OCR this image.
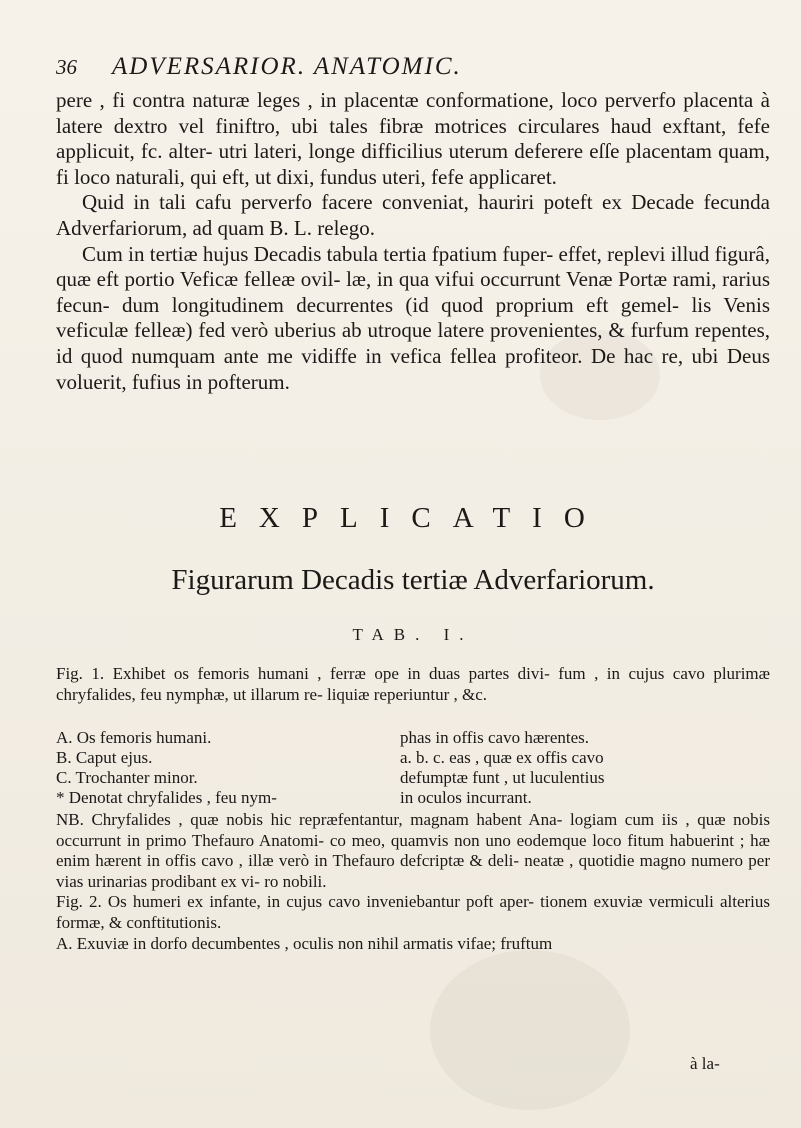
36 ADVERSARIOR. ANATOMIC.

pere , fi contra naturæ leges , in placentæ conformatione, loco perverfo placenta à latere dextro vel finiftro, ubi tales fibræ motrices circulares haud exftant, fefe applicuit, fc. alter- utri lateri, longe difficilius uterum deferere eſſe placentam quam, fi loco naturali, qui eft, ut dixi, fundus uteri, fefe applicaret.

Quid in tali cafu perverfo facere conveniat, hauriri poteft ex Decade fecunda Adverfariorum, ad quam B. L. relego.

Cum in tertiæ hujus Decadis tabula tertia fpatium fuper- effet, replevi illud figurâ, quæ eft portio Veficæ felleæ ovil- læ, in qua vifui occurrunt Venæ Portæ rami, rarius fecun- dum longitudinem decurrentes (id quod proprium eft gemel- lis Venis veficulæ felleæ) fed verò uberius ab utroque latere provenientes, & furfum repentes, id quod numquam ante me vidiffe in vefica fellea profiteor. De hac re, ubi Deus voluerit, fufius in pofterum.

EXPLICATIO
Figurarum Decadis tertiæ Adverfariorum.
TAB. I.

Fig. 1. Exhibet os femoris humani , ferræ ope in duas partes divi- fum , in cujus cavo plurimæ chryfalides, feu nymphæ, ut illarum re- liquiæ reperiuntur , &c.

A. Os femoris humani.
B. Caput ejus.
C. Trochanter minor.
* Denotat chryfalides , feu nym-
phas in offis cavo hærentes.
a. b. c. eas , quæ ex offis cavo
defumptæ funt , ut luculentius
in oculos incurrant.

NB. Chryfalides , quæ nobis hic repræfentantur, magnam habent Ana- logiam cum iis , quæ nobis occurrunt in primo Thefauro Anatomi- co meo, quamvis non uno eodemque loco fitum habuerint ; hæ enim hærent in offis cavo , illæ verò in Thefauro defcriptæ & deli- neatæ , quotidie magno numero per vias urinarias prodibant ex vi- ro nobili.

Fig. 2. Os humeri ex infante, in cujus cavo inveniebantur poft aper- tionem exuviæ vermiculi alterius formæ, & conftitutionis.

A. Exuviæ in dorfo decumbentes , oculis non nihil armatis vifae; fruftum

à la-
